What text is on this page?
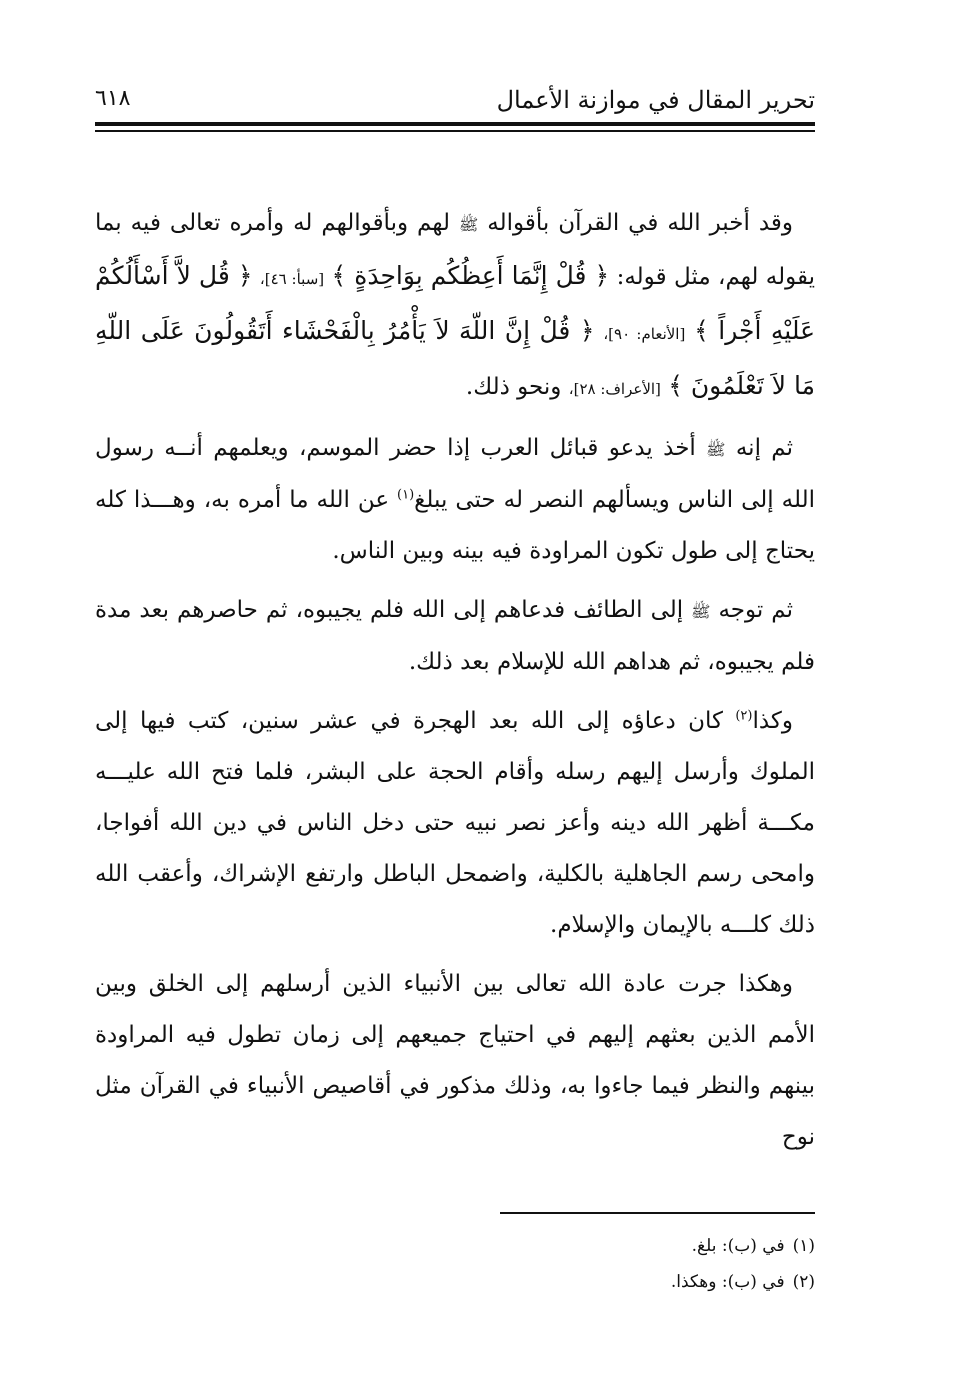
تحرير المقال في موازنة الأعمال
٦١٨

وقد أخبر الله في القرآن بأقواله ﷺ لهم وبأقوالهم له وأمره تعالى فيه بما يقوله لهم، مثل قوله: ﴿ قُلْ إِنَّمَا أَعِظُكُم بِوَاحِدَةٍ ﴾ [سبأ: ٤٦]، ﴿ قُل لاَّ أَسْأَلُكُمْ عَلَيْهِ أَجْراً ﴾ [الأنعام: ٩٠]، ﴿ قُلْ إِنَّ اللّهَ لاَ يَأْمُرُ بِالْفَحْشَاء أَتَقُولُونَ عَلَى اللّهِ مَا لاَ تَعْلَمُونَ ﴾ [الأعراف: ٢٨]، ونحو ذلك.

ثم إنه ﷺ أخذ يدعو قبائل العرب إذا حضر الموسم، ويعلمهم أنــه رسول الله إلى الناس ويسألهم النصر له حتى يبلغ$^{(١)}$ عن الله ما أمره به، وهـــذا كله يحتاج إلى طول تكون المراودة فيه بينه وبين الناس.

ثم توجه ﷺ إلى الطائف فدعاهم إلى الله فلم يجيبوه، ثم حاصرهم بعد مدة فلم يجيبوه، ثم هداهم الله للإسلام بعد ذلك.

وكذا$^{(٢)}$ كان دعاؤه إلى الله بعد الهجرة في عشر سنين، كتب فيها إلى الملوك وأرسل إليهم رسله وأقام الحجة على البشر، فلما فتح الله عليـــه مكـــة أظهر الله دينه وأعز نصر نبيه حتى دخل الناس في دين الله أفواجا، وامحى رسم الجاهلية بالكلية، واضمحل الباطل وارتفع الإشراك، وأعقب الله ذلك كلـــه بالإيمان والإسلام.

وهكذا جرت عادة الله تعالى بين الأنبياء الذين أرسلهم إلى الخلق وبين الأمم الذين بعثهم إليهم في احتياج جميعهم إلى زمان تطول فيه المراودة بينهم والنظر فيما جاءوا به، وذلك مذكور في أقاصيص الأنبياء في القرآن مثل نوح

(١)
في (ب): بلغ.
(٢)
في (ب): وهكذا.
